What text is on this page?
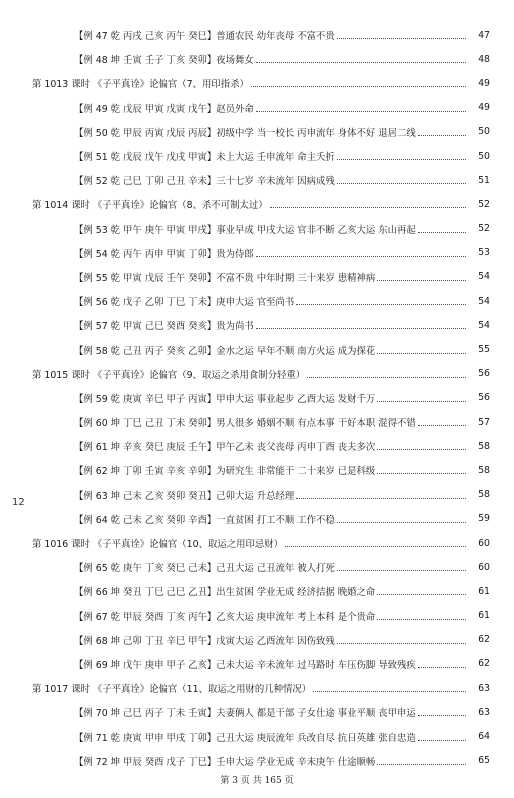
【例 47 乾 丙戌 己亥 丙午 癸巳】普通农民 幼年丧母 不富不贵	47
【例 48 坤 壬寅 壬子 丁亥 癸卯】夜场舞女	48
第 1013 课时 《子平真诠》论偏官（7、用印指杀）	49
【例 49 乾 戊辰 甲寅 戊寅 戊午】赵员外命	49
【例 50 乾 甲辰 丙寅 戊辰 丙辰】初级中学 当一校长 丙申流年 身体不好 退居二线	50
【例 51 乾 戊辰 戊午 戊戌 甲寅】未上大运 壬申流年 命主夭折	50
【例 52 乾 己巳 丁卯 己丑 辛未】三十七岁 辛未流年 因病成残	51
第 1014 课时 《子平真诠》论偏官（8、杀不可制太过）	52
【例 53 乾 甲午 庚午 甲寅 甲戌】事业早成 甲戌大运 官非不断 乙亥大运 东山再起	52
【例 54 乾 丙午 丙申 甲寅 丁卯】贵为侍郎	53
【例 55 乾 甲寅 戊辰 壬午 癸卯】不富不贵 中年时期 三十来岁 患精神病	54
【例 56 乾 戊子 乙卯 丁巳 丁未】庚申大运 官至尚书	54
【例 57 乾 甲寅 己巳 癸酉 癸亥】贵为尚书	54
【例 58 乾 己丑 丙子 癸亥 乙卯】金水之运 早年不顺 南方火运 成为探花	55
第 1015 课时 《子平真诠》论偏官（9、取运之杀用食制分轻重）	56
【例 59 乾 庚寅 辛巳 甲子 丙寅】甲申大运 事业起步 乙酉大运 发财千万	56
【例 60 坤 丁巳 己丑 丁未 癸卯】男人很多 婚姻不顺 有点本事 干好本职 混得不错	57
【例 61 坤 辛亥 癸巳 庚辰 壬午】甲午乙未 丧父丧母 丙申丁酉 丧夫多次	58
【例 62 坤 丁卯 壬寅 辛亥 辛卯】为研究生 非常能干 二十来岁 已是科级	58
【例 63 坤 己未 乙亥 癸卯 癸丑】己卯大运 升总经理	58
【例 64 乾 己未 乙亥 癸卯 辛酉】一直贫困 打工不顺 工作不稳	59
第 1016 课时 《子平真诠》论偏官（10、取运之用印忌财）	60
【例 65 乾 庚午 丁亥 癸巳 己未】己丑大运 己丑流年 被人打死	60
【例 66 坤 癸丑 丁巳 己巳 乙丑】出生贫困 学业无成 经济拮据 晚婚之命	61
【例 67 乾 甲辰 癸酉 丁亥 丙午】乙亥大运 庚申流年 考上本科 是个贵命	61
【例 68 坤 己卯 丁丑 辛巳 甲午】戊寅大运 乙酉流年 因伤致残	62
【例 69 坤 戊午 庚申 甲子 乙亥】己未大运 辛未流年 过马路时 车压伤脚 导致残疾	62
第 1017 课时 《子平真诠》论偏官（11、取运之用财的几种情况）	63
【例 70 坤 己巳 丙子 丁未 壬寅】夫妻俩人 都是干部 子女仕途 事业平顺 丧甲申运	63
【例 71 乾 庚寅 甲申 甲戌 丁卯】己丑大运 庚辰流年 兵改自尽 抗日英雄 张自忠造	64
【例 72 坤 甲辰 癸酉 戊子 丁巳】壬申大运 学业无成 辛未庚午 仕途顺畅	65
12
第 3 页 共 165 页
